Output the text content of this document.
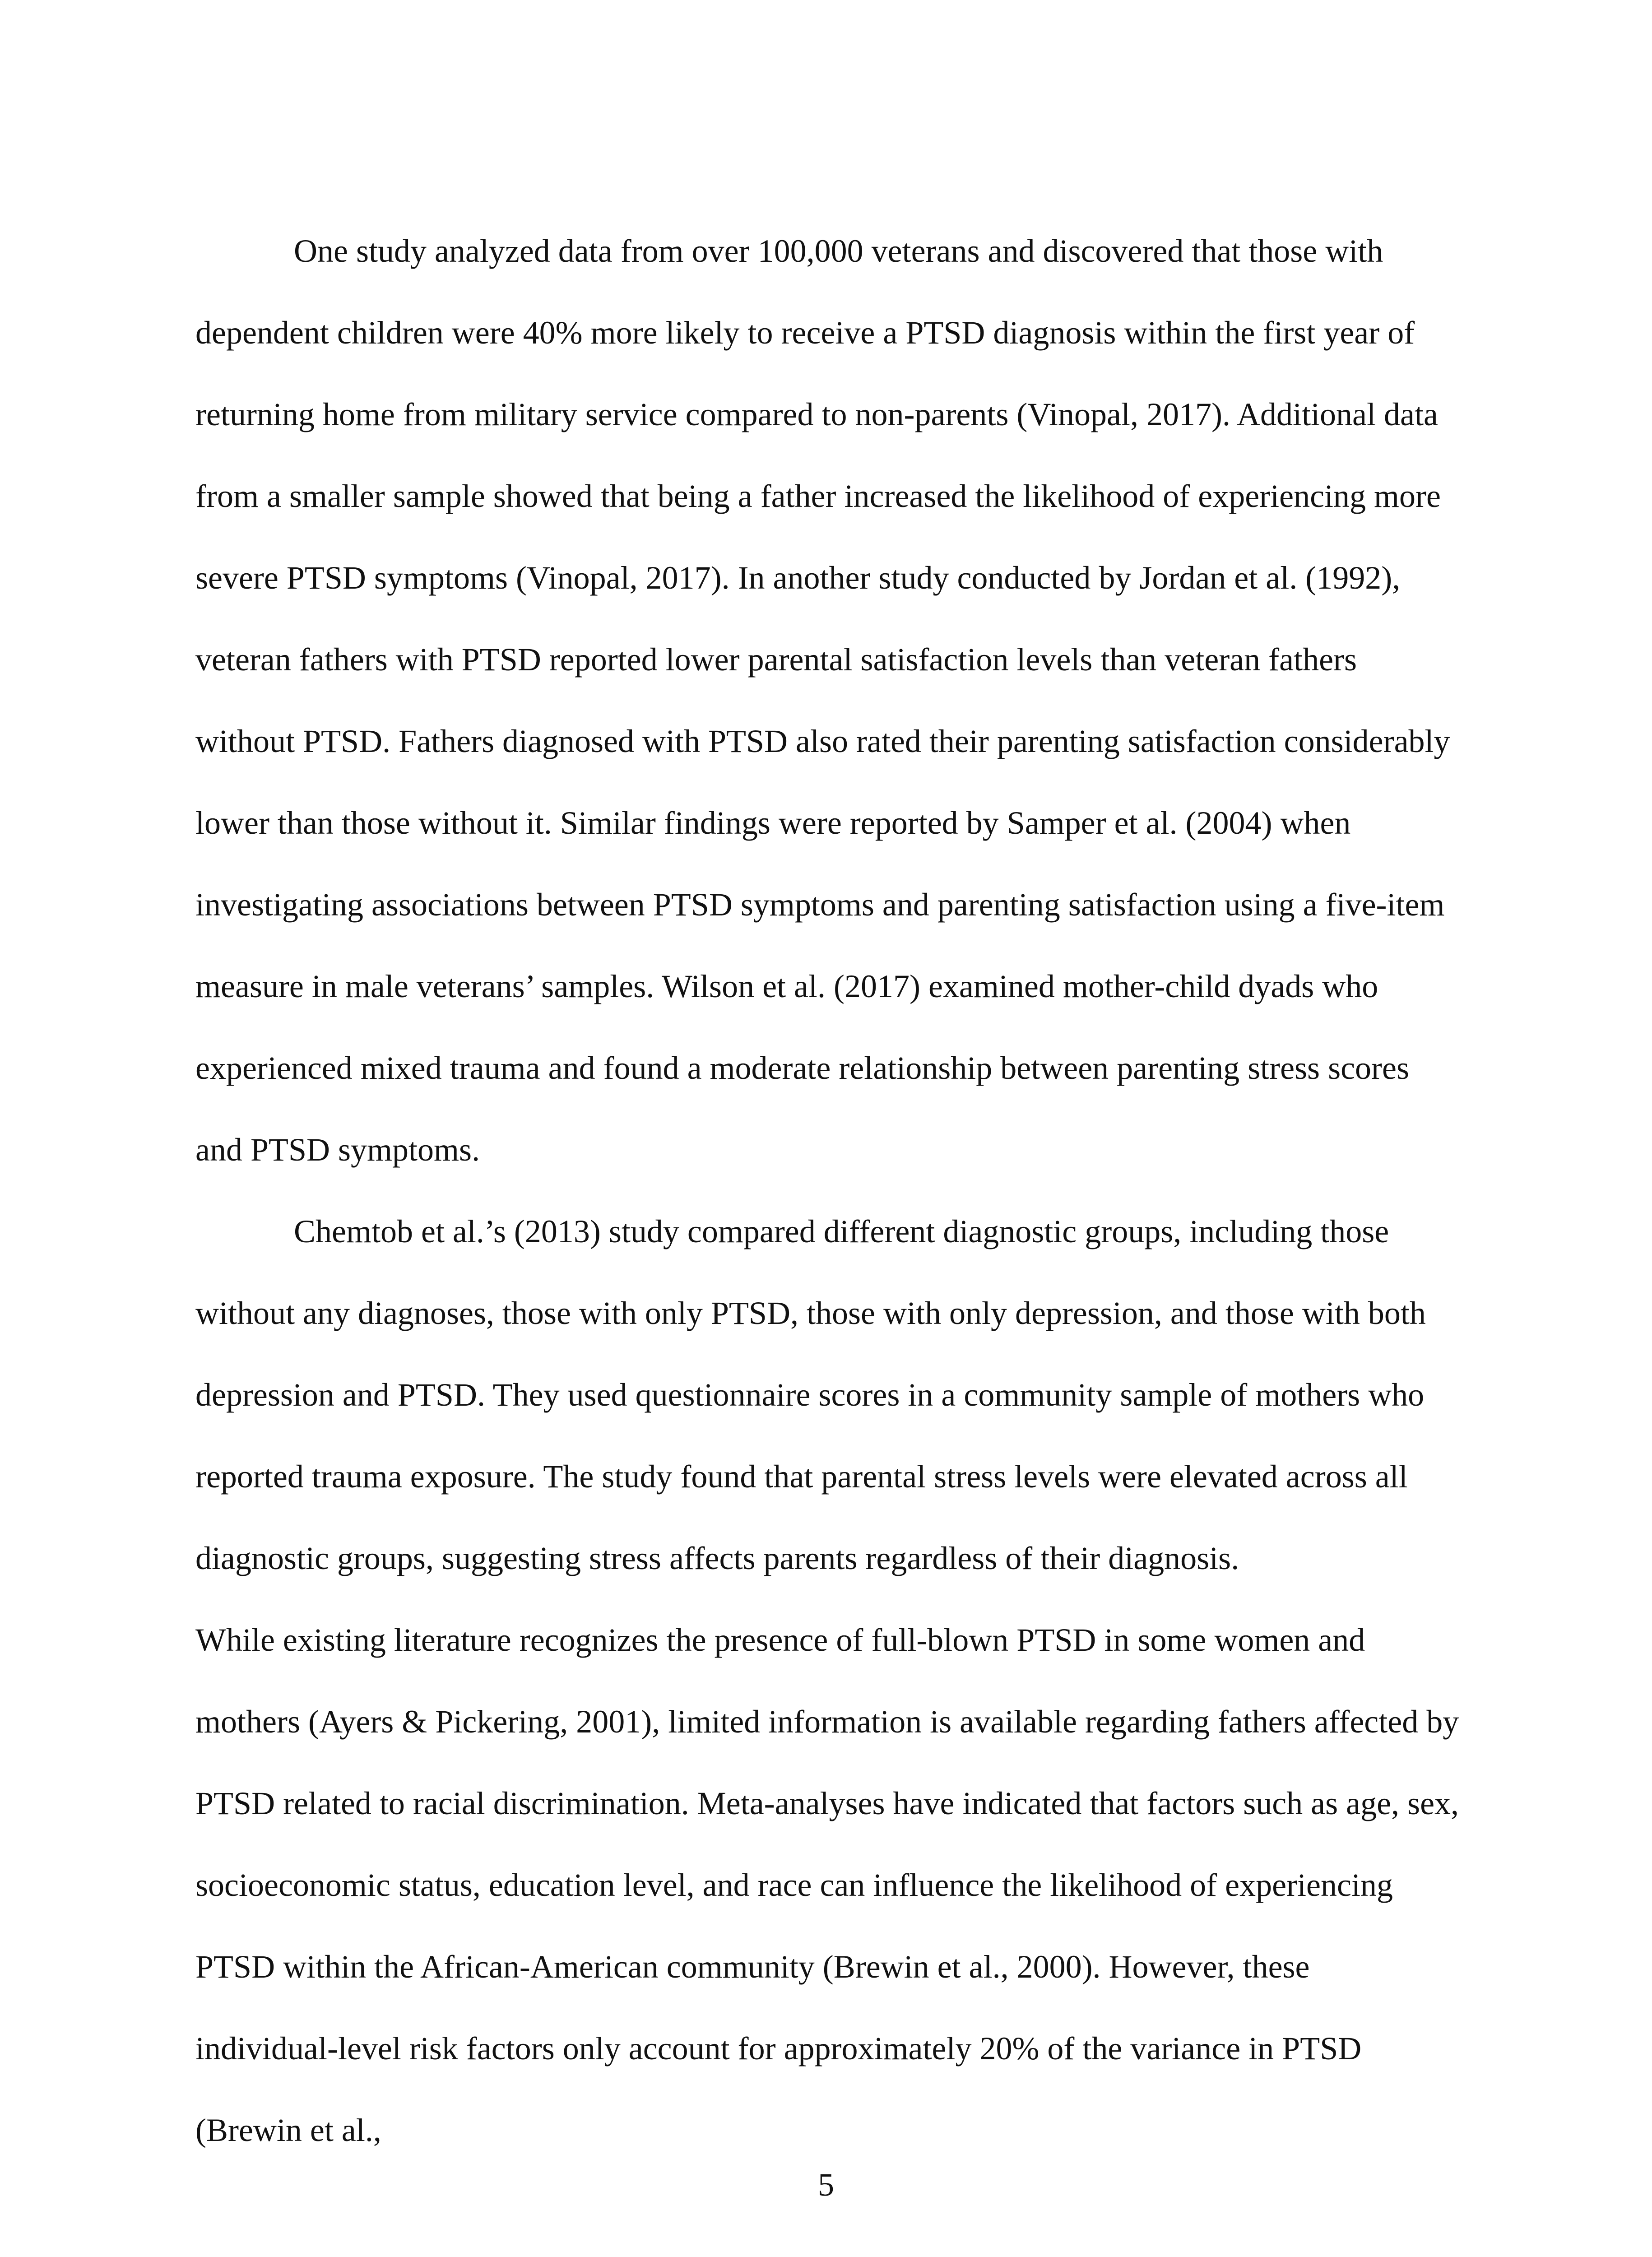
One study analyzed data from over 100,000 veterans and discovered that those with dependent children were 40% more likely to receive a PTSD diagnosis within the first year of returning home from military service compared to non-parents (Vinopal, 2017). Additional data from a smaller sample showed that being a father increased the likelihood of experiencing more severe PTSD symptoms (Vinopal, 2017). In another study conducted by Jordan et al. (1992), veteran fathers with PTSD reported lower parental satisfaction levels than veteran fathers without PTSD. Fathers diagnosed with PTSD also rated their parenting satisfaction considerably lower than those without it. Similar findings were reported by Samper et al. (2004) when investigating associations between PTSD symptoms and parenting satisfaction using a five-item measure in male veterans’ samples. Wilson et al. (2017) examined mother-child dyads who experienced mixed trauma and found a moderate relationship between parenting stress scores and PTSD symptoms.

Chemtob et al.’s (2013) study compared different diagnostic groups, including those without any diagnoses, those with only PTSD, those with only depression, and those with both depression and PTSD. They used questionnaire scores in a community sample of mothers who reported trauma exposure. The study found that parental stress levels were elevated across all diagnostic groups, suggesting stress affects parents regardless of their diagnosis.

While existing literature recognizes the presence of full-blown PTSD in some women and mothers (Ayers & Pickering, 2001), limited information is available regarding fathers affected by PTSD related to racial discrimination. Meta-analyses have indicated that factors such as age, sex, socioeconomic status, education level, and race can influence the likelihood of experiencing PTSD within the African-American community (Brewin et al., 2000). However, these individual-level risk factors only account for approximately 20% of the variance in PTSD (Brewin et al.,

5
